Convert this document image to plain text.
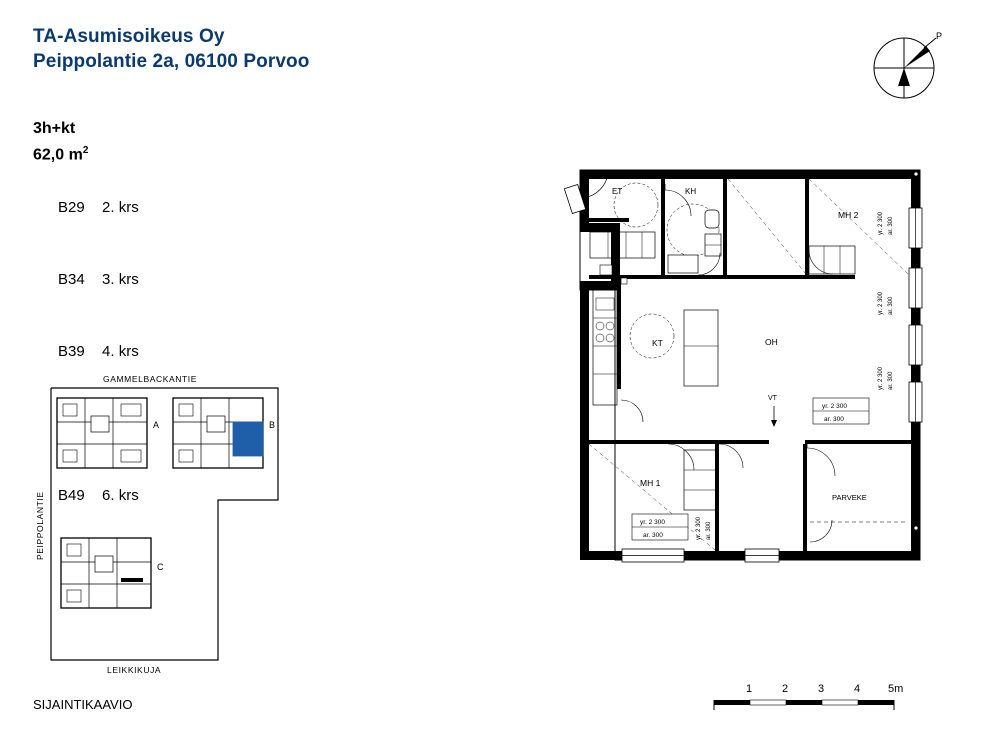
TA-Asumisoikeus Oy
Peippolantie 2a, 06100 Porvoo
3h+kt
62,0 $m^2$

B29 2. krs

B34 3. krs

B39 4. krs

B49 6. krs

P
GAMMELBACKANTIE
LEIKKIKUJA
PEIPPOLANTIE
A	B
C
SIJAINTIKAAVIO
ET	KH
MH 2	yr. 2 300 ar. 300
KT	OH
yr. 2 300 ar. 300
yr. 2 300 ar. 300
yr. 2 300
ar. 300
VT
MH 1
yr. 2 300
ar. 300	yr. 2 300 ar. 300
PARVEKE
1	2	3	4	5m
